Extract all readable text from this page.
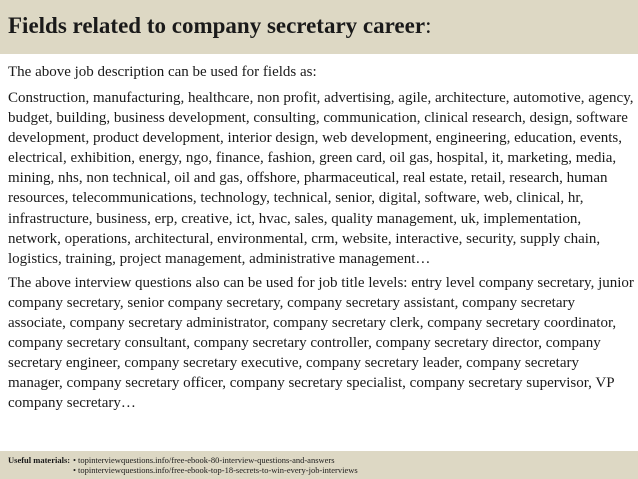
Fields related to company secretary career:

The above job description can be used for fields as:

Construction, manufacturing, healthcare, non profit, advertising, agile, architecture, automotive, agency, budget, building, business development, consulting, communication, clinical research, design, software development, product development, interior design, web development, engineering, education, events, electrical, exhibition, energy, ngo, finance, fashion, green card, oil gas, hospital, it, marketing, media, mining, nhs, non technical, oil and gas, offshore, pharmaceutical, real estate, retail, research, human resources, telecommunications, technology, technical, senior, digital, software, web, clinical, hr, infrastructure, business, erp, creative, ict, hvac, sales, quality management, uk, implementation, network, operations, architectural, environmental, crm, website, interactive, security, supply chain, logistics, training, project management, administrative management…

The above interview questions also can be used for job title levels: entry level company secretary, junior company secretary, senior company secretary, company secretary assistant, company secretary associate, company secretary administrator, company secretary clerk, company secretary coordinator, company secretary consultant, company secretary controller, company secretary director, company secretary engineer, company secretary executive, company secretary leader, company secretary manager, company secretary officer, company secretary specialist, company secretary supervisor, VP company secretary…

Useful materials: • topinterviewquestions.info/free-ebook-80-interview-questions-and-answers
• topinterviewquestions.info/free-ebook-top-18-secrets-to-win-every-job-interviews
